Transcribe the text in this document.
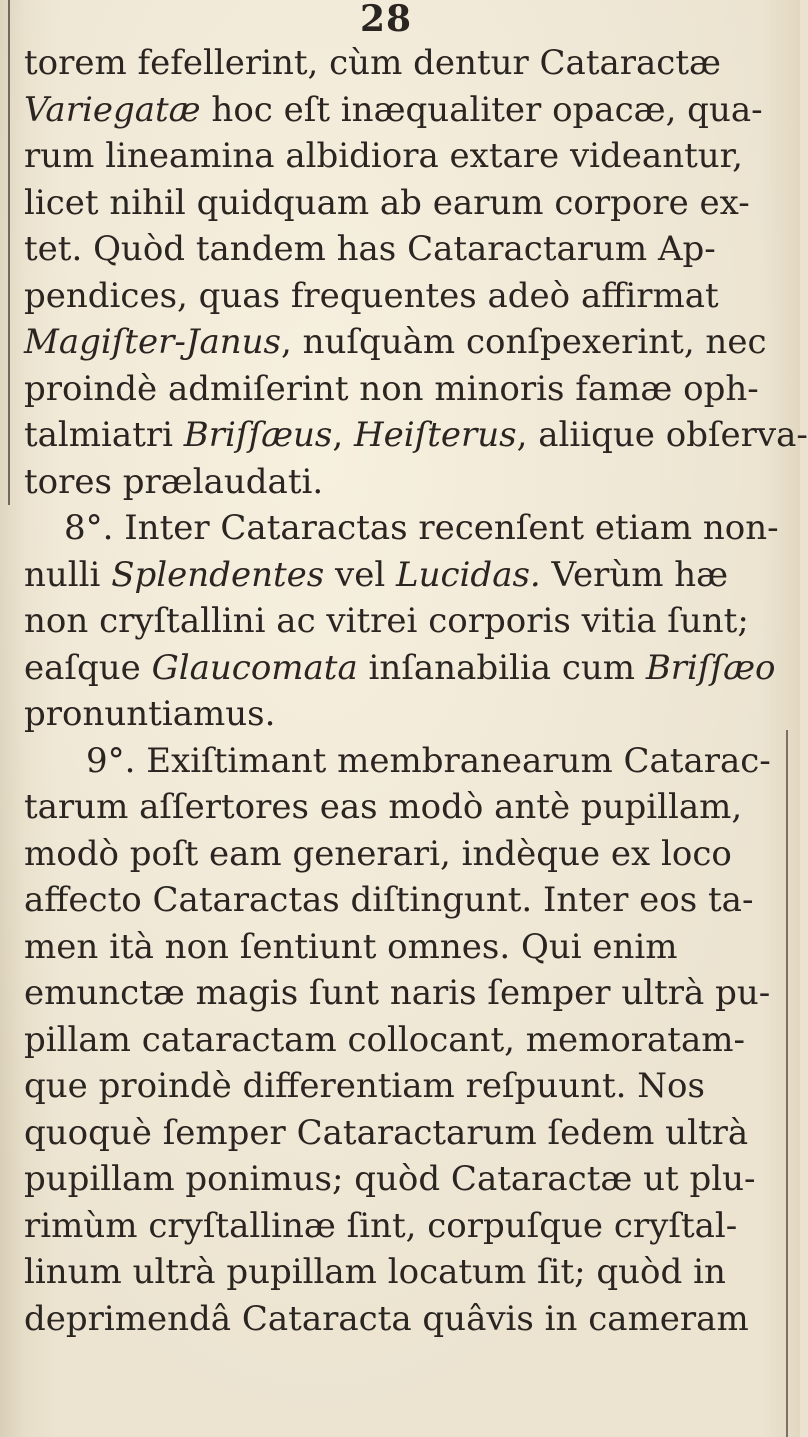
28
torem fefellerint, cùm dentur Cataractæ
Variegatæ hoc eſt inæqualiter opacæ, qua-
rum lineamina albidiora extare videantur,
licet nihil quidquam ab earum corpore ex-
tet. Quòd tandem has Cataractarum Ap-
pendices, quas frequentes adeò affirmat
Magiſter-Janus, nuſquàm conſpexerint, nec
proindè admiſerint non minoris famæ oph-
talmiatri Briſſæus, Heiſterus, aliique obſerva-
tores prælaudati.
8°. Inter Cataractas recenſent etiam non-
nulli Splendentes vel Lucidas. Verùm hæ
non cryſtallini ac vitrei corporis vitia ſunt;
eaſque Glaucomata inſanabilia cum Briſſæo
pronuntiamus.
9°. Exiſtimant membranearum Catarac-
tarum aſſertores eas modò antè pupillam,
modò poſt eam generari, indèque ex loco
affecto Cataractas diſtingunt. Inter eos ta-
men ità non ſentiunt omnes. Qui enim
emunctæ magis ſunt naris ſemper ultrà pu-
pillam cataractam collocant, memoratam-
que proindè differentiam reſpuunt. Nos
quoquè ſemper Cataractarum ſedem ultrà
pupillam ponimus; quòd Cataractæ ut plu-
rimùm cryſtallinæ ſint, corpuſque cryſtal-
linum ultrà pupillam locatum ſit; quòd in
deprimendâ Cataracta quâvis in cameram
